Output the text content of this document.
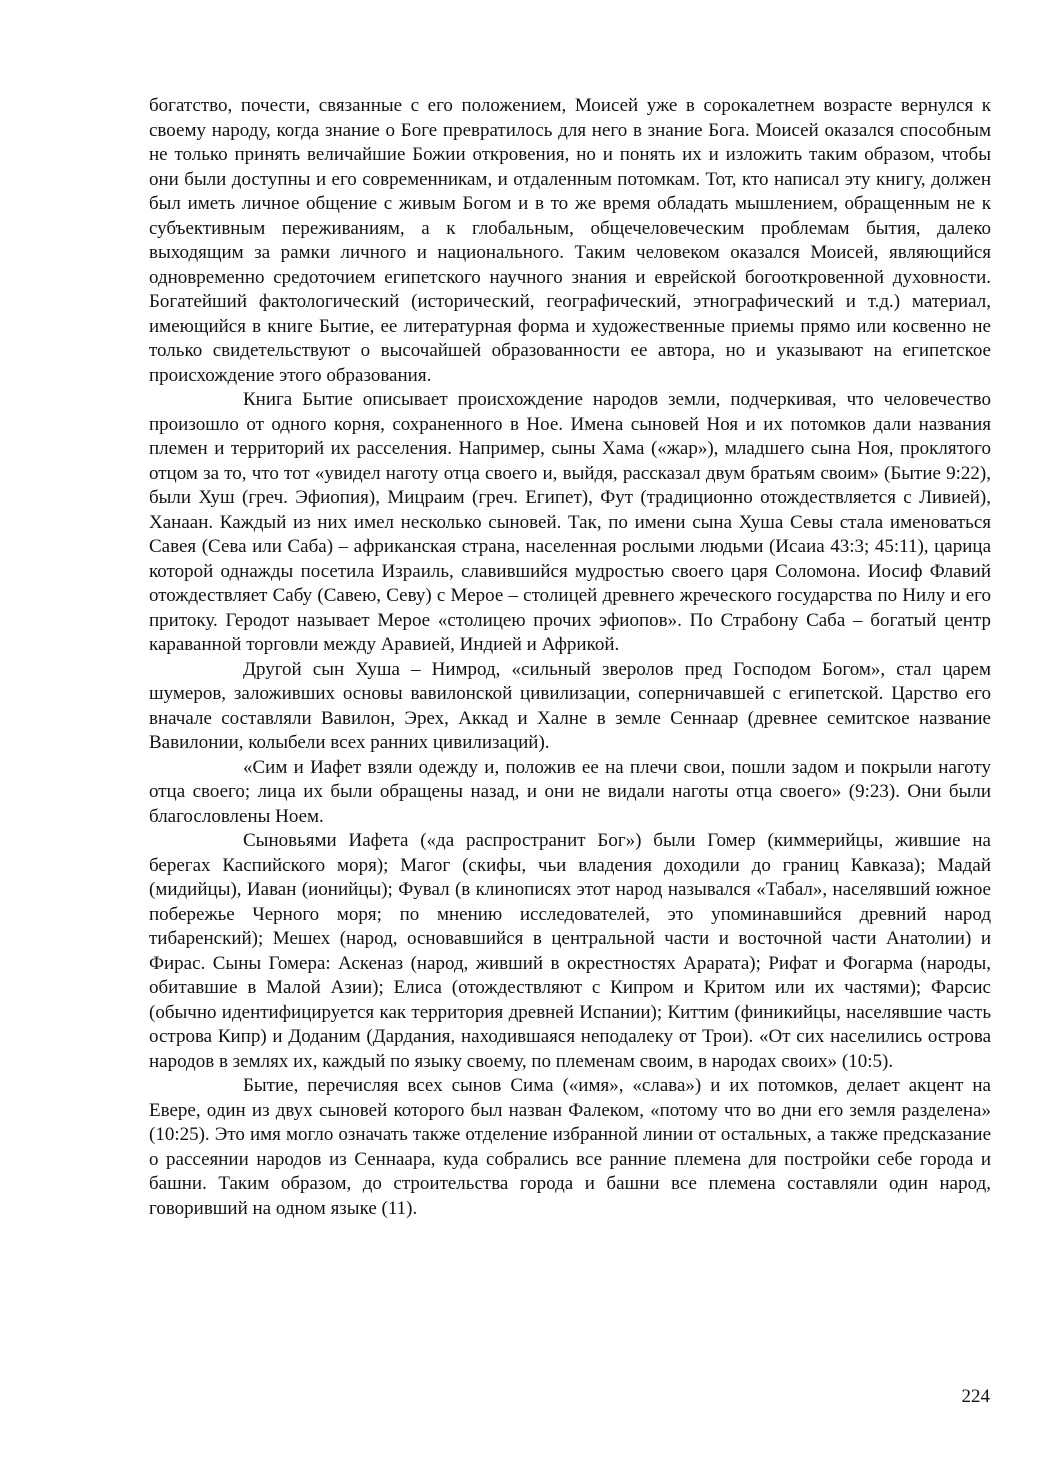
богатство, почести, связанные с его положением, Моисей уже в сорокалетнем возрасте вернулся к своему народу, когда знание о Боге превратилось для него в знание Бога. Моисей оказался способным не только принять величайшие Божии откровения, но и понять их и изложить таким образом, чтобы они были доступны и его современникам, и отдаленным потомкам. Тот, кто написал эту книгу, должен был иметь личное общение с живым Богом и в то же время обладать мышлением, обращенным не к субъективным переживаниям, а к глобальным, общечеловеческим проблемам бытия, далеко выходящим за рамки личного и национального. Таким человеком оказался Моисей, являющийся одновременно средоточием египетского научного знания и еврейской богооткровенной духовности. Богатейший фактологический (исторический, географический, этнографический и т.д.) материал, имеющийся в книге Бытие, ее литературная форма и художественные приемы прямо или косвенно не только свидетельствуют о высочайшей образованности ее автора, но и указывают на египетское происхождение этого образования.

Книга Бытие описывает происхождение народов земли, подчеркивая, что человечество произошло от одного корня, сохраненного в Ное. Имена сыновей Ноя и их потомков дали названия племен и территорий их расселения. Например, сыны Хама («жар»), младшего сына Ноя, проклятого отцом за то, что тот «увидел наготу отца своего и, выйдя, рассказал двум братьям своим» (Бытие 9:22), были Хуш (греч. Эфиопия), Мицраим (греч. Египет), Фут (традиционно отождествляется с Ливией), Ханаан. Каждый из них имел несколько сыновей. Так, по имени сына Хуша Севы стала именоваться Савея (Сева или Саба) – африканская страна, населенная рослыми людьми (Исаиа 43:3; 45:11), царица которой однажды посетила Израиль, славившийся мудростью своего царя Соломона. Иосиф Флавий отождествляет Сабу (Савею, Севу) с Мерое – столицей древнего жреческого государства по Нилу и его притоку. Геродот называет Мерое «столицею прочих эфиопов». По Страбону Саба – богатый центр караванной торговли между Аравией, Индией и Африкой.

Другой сын Хуша – Нимрод, «сильный зверолов пред Господом Богом», стал царем шумеров, заложивших основы вавилонской цивилизации, соперничавшей с египетской. Царство его вначале составляли Вавилон, Эрех, Аккад и Халне в земле Сеннаар (древнее семитское название Вавилонии, колыбели всех ранних цивилизаций).

«Сим и Иафет взяли одежду и, положив ее на плечи свои, пошли задом и покрыли наготу отца своего; лица их были обращены назад, и они не видали наготы отца своего» (9:23). Они были благословлены Ноем.

Сыновьями Иафета («да распространит Бог») были Гомер (киммерийцы, жившие на берегах Каспийского моря); Магог (скифы, чьи владения доходили до границ Кавказа); Мадай (мидийцы), Иаван (ионийцы); Фувал (в клинописях этот народ назывался «Табал», населявший южное побережье Черного моря; по мнению исследователей, это упоминавшийся древний народ тибаренский); Мешех (народ, основавшийся в центральной части и восточной части Анатолии) и Фирас. Сыны Гомера: Аскеназ (народ, живший в окрестностях Арарата); Рифат и Фогарма (народы, обитавшие в Малой Азии); Елиса (отождествляют с Кипром и Критом или их частями); Фарсис (обычно идентифицируется как территория древней Испании); Киттим (финикийцы, населявшие часть острова Кипр) и Доданим (Дардания, находившаяся неподалеку от Трои). «От сих населились острова народов в землях их, каждый по языку своему, по племенам своим, в народах своих» (10:5).

Бытие, перечисляя всех сынов Сима («имя», «слава») и их потомков, делает акцент на Евере, один из двух сыновей которого был назван Фалеком, «потому что во дни его земля разделена» (10:25). Это имя могло означать также отделение избранной линии от остальных, а также предсказание о рассеянии народов из Сеннаара, куда собрались все ранние племена для постройки себе города и башни. Таким образом, до строительства города и башни все племена составляли один народ, говоривший на одном языке (11).

224
